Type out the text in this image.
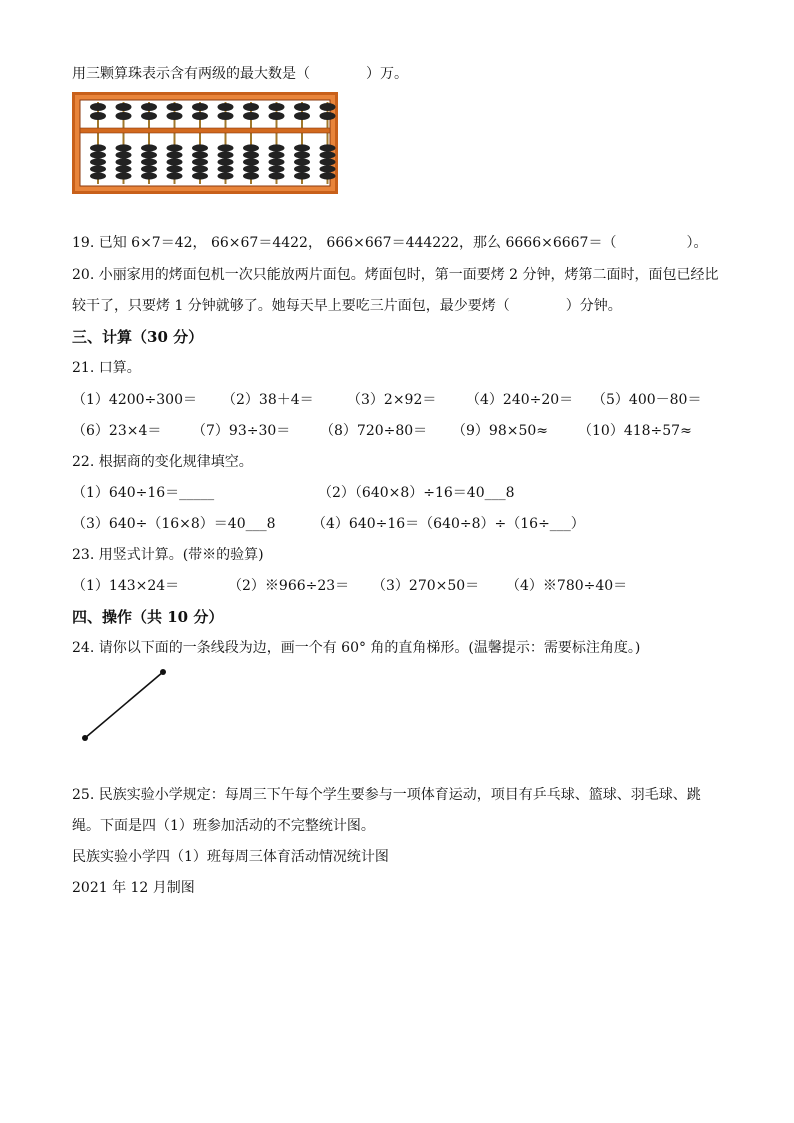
用三颗算珠表示含有两级的最大数是（　　　　）万。
19. 已知 6×7＝42， 66×67＝4422， 666×667＝444222，那么 6666×6667＝（　　　　　）。
20. 小丽家用的烤面包机一次只能放两片面包。烤面包时，第一面要烤 2 分钟，烤第二面时，面包已经比
较干了，只要烤 1 分钟就够了。她每天早上要吃三片面包，最少要烤（　　　　）分钟。
三、计算（30 分）
21. 口算。
（1）4200÷300＝ （2）38＋4＝ （3）2×92＝ （4）240÷20＝ （5）400－80＝
（6）23×4＝ （7）93÷30＝ （8）720÷80＝ （9）98×50≈ （10）418÷57≈
22. 根据商的变化规律填空。
（1）640÷16＝_____	（2）（640×8）÷16＝40___8
（3）640÷（16×8）＝40___8	（4）640÷16＝（640÷8）÷（16÷___）
23. 用竖式计算。(带※的验算)
（1）143×24＝	（2）※966÷23＝ （3）270×50＝ （4）※780÷40＝
四、操作（共 10 分）
24. 请你以下面的一条线段为边，画一个有 60° 角的直角梯形。(温馨提示：需要标注角度。)
25. 民族实验小学规定：每周三下午每个学生要参与一项体育运动，项目有乒乓球、篮球、羽毛球、跳
绳。下面是四（1）班参加活动的不完整统计图。
民族实验小学四（1）班每周三体育活动情况统计图
2021 年 12 月制图
